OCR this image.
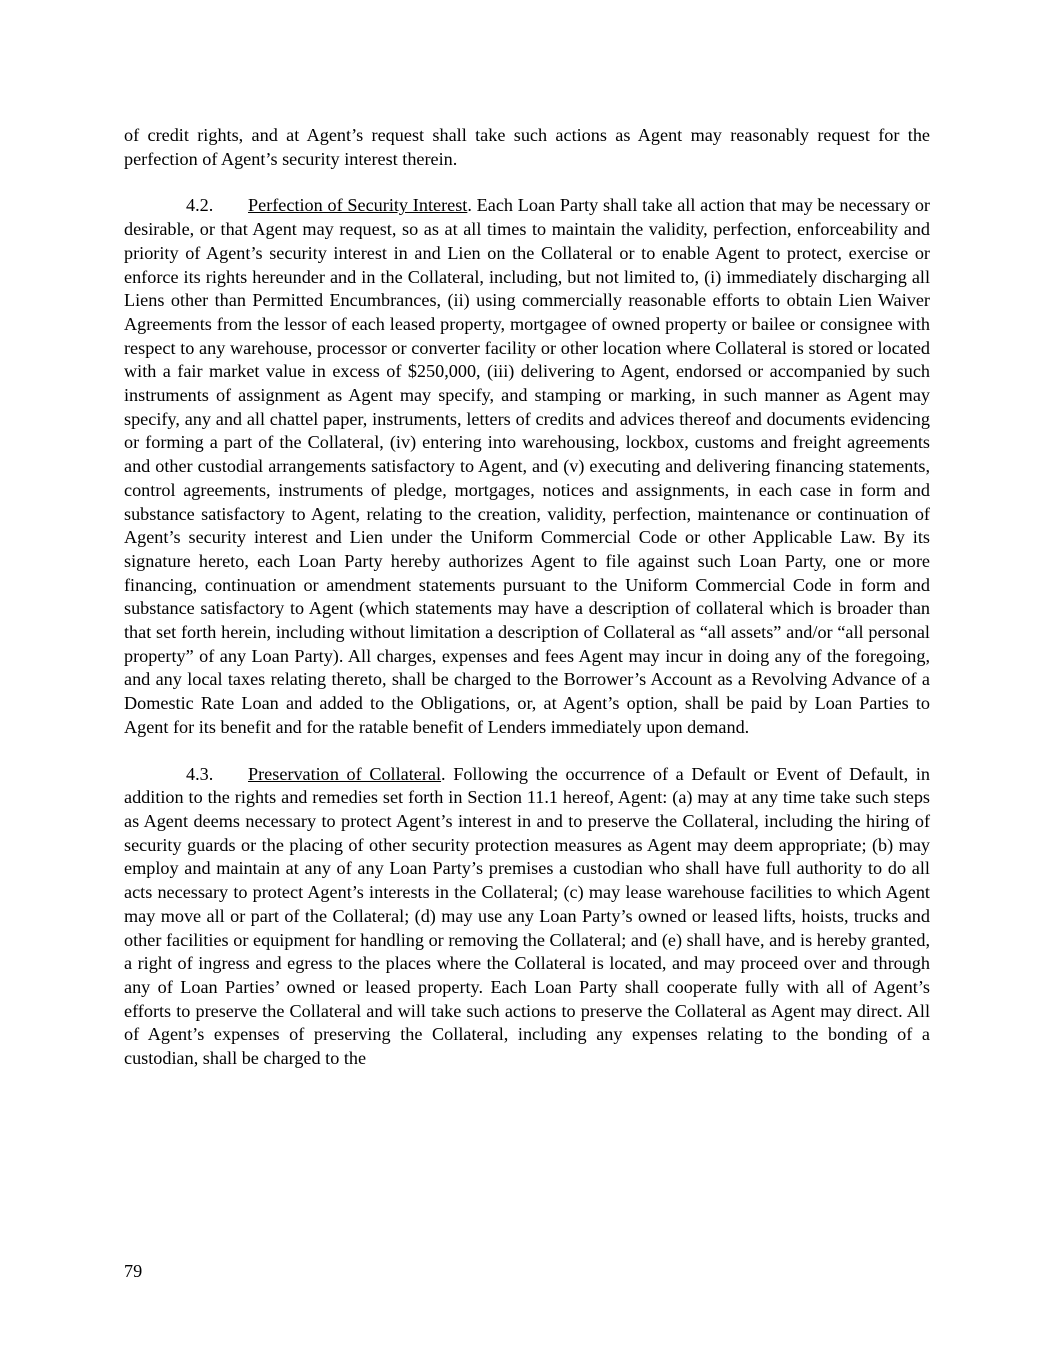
of credit rights, and at Agent’s request shall take such actions as Agent may reasonably request for the perfection of Agent’s security interest therein.

4.2. Perfection of Security Interest. Each Loan Party shall take all action that may be necessary or desirable, or that Agent may request, so as at all times to maintain the validity, perfection, enforceability and priority of Agent’s security interest in and Lien on the Collateral or to enable Agent to protect, exercise or enforce its rights hereunder and in the Collateral, including, but not limited to, (i) immediately discharging all Liens other than Permitted Encumbrances, (ii) using commercially reasonable efforts to obtain Lien Waiver Agreements from the lessor of each leased property, mortgagee of owned property or bailee or consignee with respect to any warehouse, processor or converter facility or other location where Collateral is stored or located with a fair market value in excess of $250,000, (iii) delivering to Agent, endorsed or accompanied by such instruments of assignment as Agent may specify, and stamping or marking, in such manner as Agent may specify, any and all chattel paper, instruments, letters of credits and advices thereof and documents evidencing or forming a part of the Collateral, (iv) entering into warehousing, lockbox, customs and freight agreements and other custodial arrangements satisfactory to Agent, and (v) executing and delivering financing statements, control agreements, instruments of pledge, mortgages, notices and assignments, in each case in form and substance satisfactory to Agent, relating to the creation, validity, perfection, maintenance or continuation of Agent’s security interest and Lien under the Uniform Commercial Code or other Applicable Law. By its signature hereto, each Loan Party hereby authorizes Agent to file against such Loan Party, one or more financing, continuation or amendment statements pursuant to the Uniform Commercial Code in form and substance satisfactory to Agent (which statements may have a description of collateral which is broader than that set forth herein, including without limitation a description of Collateral as “all assets” and/or “all personal property” of any Loan Party). All charges, expenses and fees Agent may incur in doing any of the foregoing, and any local taxes relating thereto, shall be charged to the Borrower’s Account as a Revolving Advance of a Domestic Rate Loan and added to the Obligations, or, at Agent’s option, shall be paid by Loan Parties to Agent for its benefit and for the ratable benefit of Lenders immediately upon demand.

4.3. Preservation of Collateral. Following the occurrence of a Default or Event of Default, in addition to the rights and remedies set forth in Section 11.1 hereof, Agent: (a) may at any time take such steps as Agent deems necessary to protect Agent’s interest in and to preserve the Collateral, including the hiring of security guards or the placing of other security protection measures as Agent may deem appropriate; (b) may employ and maintain at any of any Loan Party’s premises a custodian who shall have full authority to do all acts necessary to protect Agent’s interests in the Collateral; (c) may lease warehouse facilities to which Agent may move all or part of the Collateral; (d) may use any Loan Party’s owned or leased lifts, hoists, trucks and other facilities or equipment for handling or removing the Collateral; and (e) shall have, and is hereby granted, a right of ingress and egress to the places where the Collateral is located, and may proceed over and through any of Loan Parties’ owned or leased property. Each Loan Party shall cooperate fully with all of Agent’s efforts to preserve the Collateral and will take such actions to preserve the Collateral as Agent may direct. All of Agent’s expenses of preserving the Collateral, including any expenses relating to the bonding of a custodian, shall be charged to the

79
